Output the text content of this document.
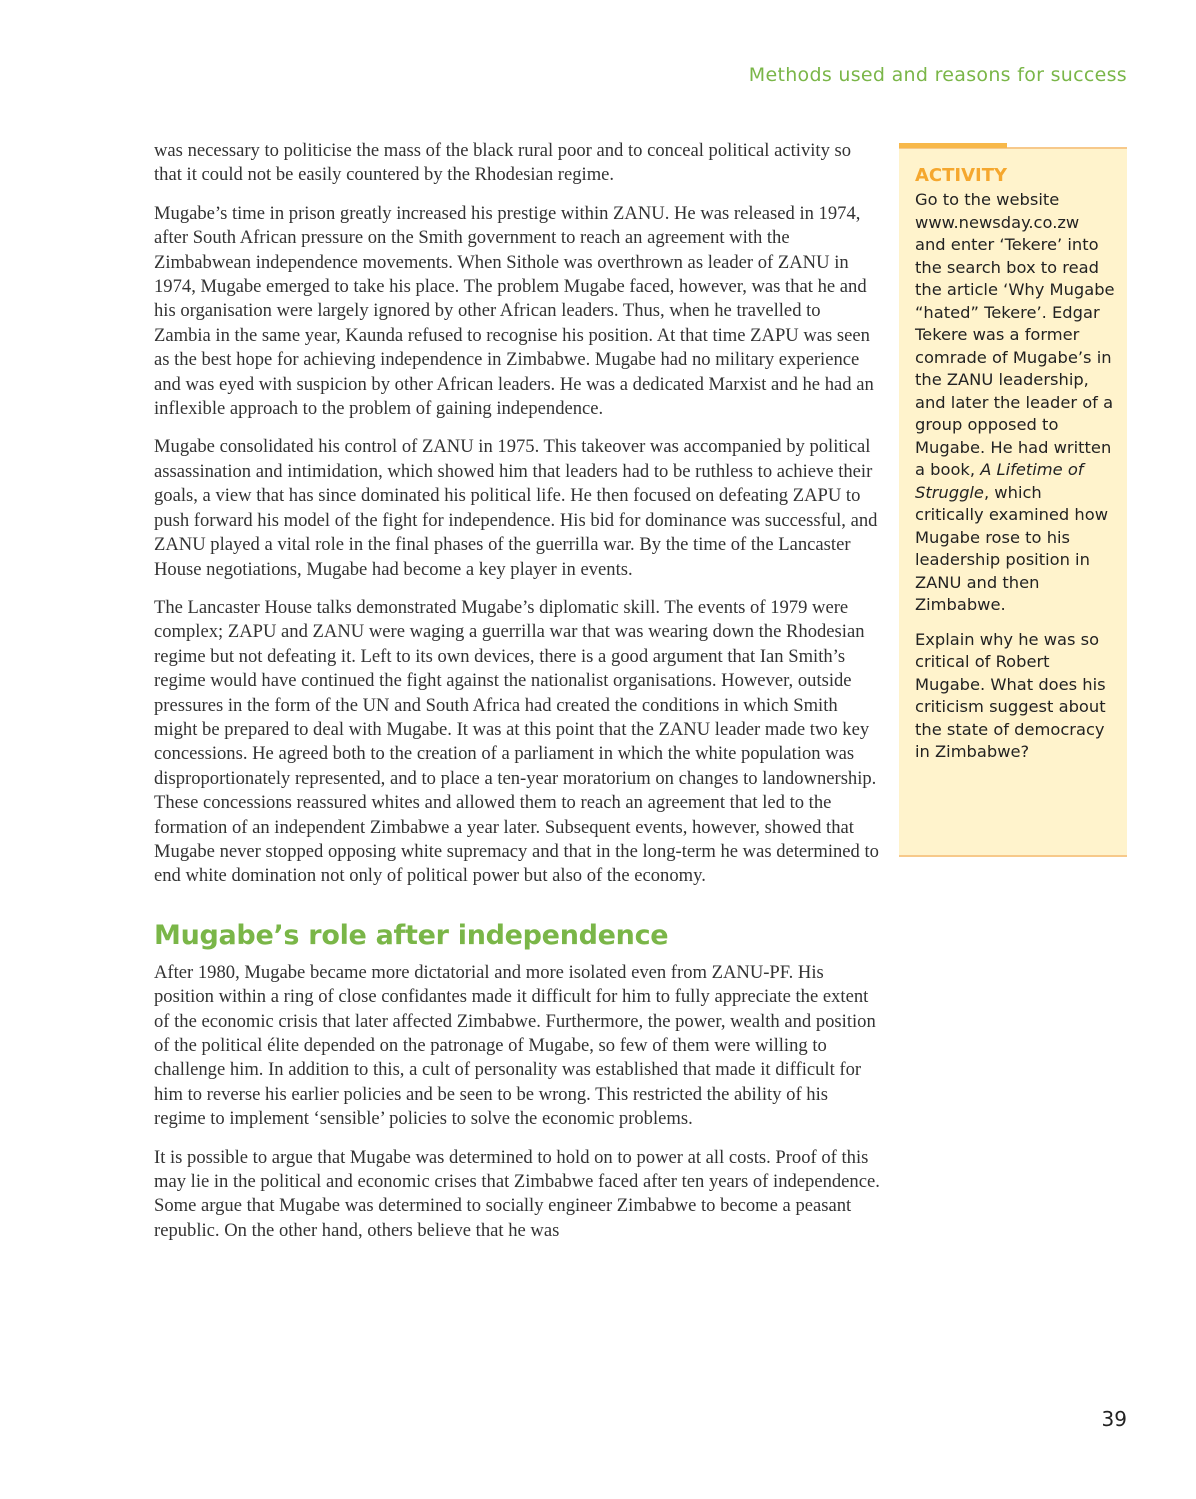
Methods used and reasons for success

was necessary to politicise the mass of the black rural poor and to conceal political activity so that it could not be easily countered by the Rhodesian regime.

Mugabe’s time in prison greatly increased his prestige within ZANU. He was released in 1974, after South African pressure on the Smith government to reach an agreement with the Zimbabwean independence movements. When Sithole was overthrown as leader of ZANU in 1974, Mugabe emerged to take his place. The problem Mugabe faced, however, was that he and his organisation were largely ignored by other African leaders. Thus, when he travelled to Zambia in the same year, Kaunda refused to recognise his position. At that time ZAPU was seen as the best hope for achieving independence in Zimbabwe. Mugabe had no military experience and was eyed with suspicion by other African leaders. He was a dedicated Marxist and he had an inflexible approach to the problem of gaining independence.

Mugabe consolidated his control of ZANU in 1975. This takeover was accompanied by political assassination and intimidation, which showed him that leaders had to be ruthless to achieve their goals, a view that has since dominated his political life. He then focused on defeating ZAPU to push forward his model of the fight for independence. His bid for dominance was successful, and ZANU played a vital role in the final phases of the guerrilla war. By the time of the Lancaster House negotiations, Mugabe had become a key player in events.

The Lancaster House talks demonstrated Mugabe’s diplomatic skill. The events of 1979 were complex; ZAPU and ZANU were waging a guerrilla war that was wearing down the Rhodesian regime but not defeating it. Left to its own devices, there is a good argument that Ian Smith’s regime would have continued the fight against the nationalist organisations. However, outside pressures in the form of the UN and South Africa had created the conditions in which Smith might be prepared to deal with Mugabe. It was at this point that the ZANU leader made two key concessions. He agreed both to the creation of a parliament in which the white population was disproportionately represented, and to place a ten-year moratorium on changes to landownership. These concessions reassured whites and allowed them to reach an agreement that led to the formation of an independent Zimbabwe a year later. Subsequent events, however, showed that Mugabe never stopped opposing white supremacy and that in the long-term he was determined to end white domination not only of political power but also of the economy.

Mugabe’s role after independence

After 1980, Mugabe became more dictatorial and more isolated even from ZANU-PF. His position within a ring of close confidantes made it difficult for him to fully appreciate the extent of the economic crisis that later affected Zimbabwe. Furthermore, the power, wealth and position of the political élite depended on the patronage of Mugabe, so few of them were willing to challenge him. In addition to this, a cult of personality was established that made it difficult for him to reverse his earlier policies and be seen to be wrong. This restricted the ability of his regime to implement ‘sensible’ policies to solve the economic problems.

It is possible to argue that Mugabe was determined to hold on to power at all costs. Proof of this may lie in the political and economic crises that Zimbabwe faced after ten years of independence. Some argue that Mugabe was determined to socially engineer Zimbabwe to become a peasant republic. On the other hand, others believe that he was

ACTIVITY

Go to the website www.newsday.co.zw and enter ‘Tekere’ into the search box to read the article ‘Why Mugabe “hated” Tekere’. Edgar Tekere was a former comrade of Mugabe’s in the ZANU leadership, and later the leader of a group opposed to Mugabe. He had written a book, A Lifetime of Struggle, which critically examined how Mugabe rose to his leadership position in ZANU and then Zimbabwe.

Explain why he was so critical of Robert Mugabe. What does his criticism suggest about the state of democracy in Zimbabwe?

39
